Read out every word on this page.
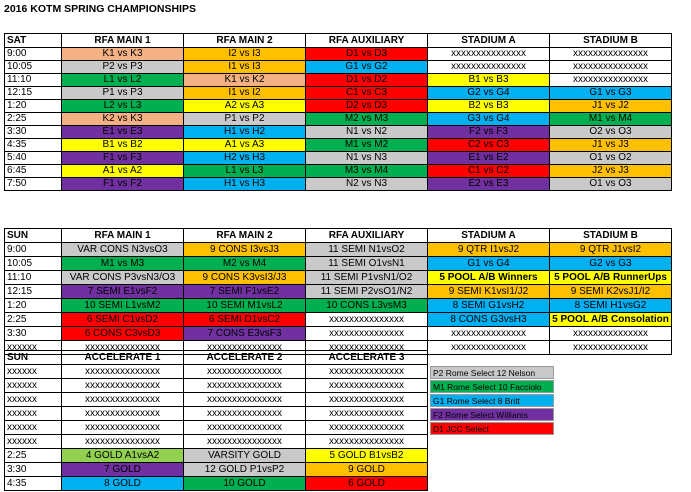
2016 KOTM SPRING CHAMPIONSHIPS
SAT	RFA MAIN 1	RFA MAIN 2	RFA AUXILIARY	STADIUM A	STADIUM B
9:00	K1 vs K3	I2 vs I3	D1 vs D3	xxxxxxxxxxxxxxx	xxxxxxxxxxxxxxx
10:05	P2 vs P3	I1 vs I3	G1 vs G2	xxxxxxxxxxxxxxx	xxxxxxxxxxxxxxx
11:10	L1 vs L2	K1 vs K2	D1 vs D2	B1 vs B3	xxxxxxxxxxxxxxx
12:15	P1 vs P3	I1 vs I2	C1 vs C3	G2 vs G4	G1 vs G3
1:20	L2 vs L3	A2 vs A3	D2 vs D3	B2 vs B3	J1 vs J2
2:25	K2 vs K3	P1 vs P2	M2 vs M3	G3 vs G4	M1 vs M4
3:30	E1 vs E3	H1 vs H2	N1 vs N2	F2 vs F3	O2 vs O3
4:35	B1 vs B2	A1 vs A3	M1 vs M2	C2 vs C3	J1 vs J3
5:40	F1 vs F3	H2 vs H3	N1 vs N3	E1 vs E2	O1 vs O2
6:45	A1 vs A2	L1 vs L3	M3 vs M4	C1 vs C2	J2 vs J3
7:50	F1 vs F2	H1 vs H3	N2 vs N3	E2 vs E3	O1 vs O3
SUN	RFA MAIN 1	RFA MAIN 2	RFA AUXILIARY	STADIUM A	STADIUM B
9:00	VAR CONS N3vsO3	9 CONS I3vsJ3	11 SEMI N1vsO2	9 QTR I1vsJ2	9 QTR J1vsI2
10:05	M1 vs M3	M2 vs M4	11 SEMI O1vsN1	G1 vs G4	G2 vs G3
11:10	VAR CONS P3vsN3/O3	9 CONS K3vsI3/J3	11 SEMI P1vsN1/O2	5 POOL A/B Winners	5 POOL A/B RunnerUps
12:15	7 SEMI E1vsF2	7 SEMI F1vsE2	11 SEMI P2vsO1/N2	9 SEMI K1vsI1/J2	9 SEMI K2vsJ1/I2
1:20	10 SEMI L1vsM2	10 SEMI M1vsL2	10 CONS L3vsM3	8 SEMI G1vsH2	8 SEMI H1vsG2
2:25	6 SEMI C1vsD2	6 SEMI D1vsC2	xxxxxxxxxxxxxxx	8 CONS G3vsH3	5 POOL A/B Consolation
3:30	6 CONS C3vsD3	7 CONS E3vsF3	xxxxxxxxxxxxxxx	xxxxxxxxxxxxxxx	xxxxxxxxxxxxxxx
xxxxxx	xxxxxxxxxxxxxxx	xxxxxxxxxxxxxxx	xxxxxxxxxxxxxxx	xxxxxxxxxxxxxxx	xxxxxxxxxxxxxxx
SUN	ACCELERATE 1	ACCELERATE 2	ACCELERATE 3	
xxxxxx	xxxxxxxxxxxxxxx	xxxxxxxxxxxxxxx	xxxxxxxxxxxxxxx	P2 Rome Select 12 Nelson
M1 Rome Select 10 Facciolo
G1 Rome Select 8 Britt
F2 Rome Select Williams
D1 JCC Select

xxxxxx	xxxxxxxxxxxxxxx	xxxxxxxxxxxxxxx	xxxxxxxxxxxxxxx	
xxxxxx	xxxxxxxxxxxxxxx	xxxxxxxxxxxxxxx	xxxxxxxxxxxxxxx	
xxxxxx	xxxxxxxxxxxxxxx	xxxxxxxxxxxxxxx	xxxxxxxxxxxxxxx	
xxxxxx	xxxxxxxxxxxxxxx	xxxxxxxxxxxxxxx	xxxxxxxxxxxxxxx	
xxxxxx	xxxxxxxxxxxxxxx	xxxxxxxxxxxxxxx	xxxxxxxxxxxxxxx	
2:25	4 GOLD A1vsA2	VARSITY GOLD	5 GOLD B1vsB2	
3:30	7 GOLD	12 GOLD P1vsP2	9 GOLD	
4:35	8 GOLD	10 GOLD	6 GOLD	
